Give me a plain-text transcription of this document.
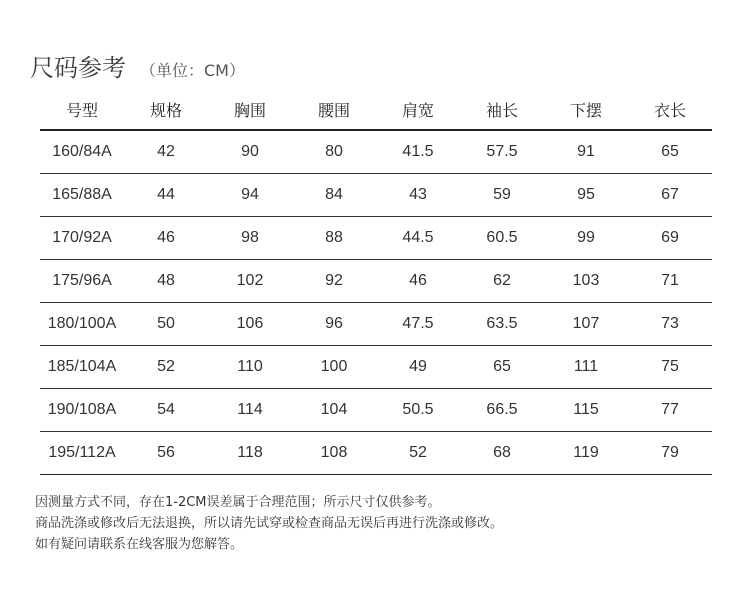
尺码参考 （单位：CM）
号型	规格	胸围	腰围	肩宽	袖长	下摆	衣长
160/84A	42	90	80	41.5	57.5	91	65
165/88A	44	94	84	43	59	95	67
170/92A	46	98	88	44.5	60.5	99	69
175/96A	48	102	92	46	62	103	71
180/100A	50	106	96	47.5	63.5	107	73
185/104A	52	110	100	49	65	111	75
190/108A	54	114	104	50.5	66.5	115	77
195/112A	56	118	108	52	68	119	79
因测量方式不同，存在1-2CM误差属于合理范围；所示尺寸仅供参考。
商品洗涤或修改后无法退换，所以请先试穿或检查商品无误后再进行洗涤或修改。
如有疑问请联系在线客服为您解答。
